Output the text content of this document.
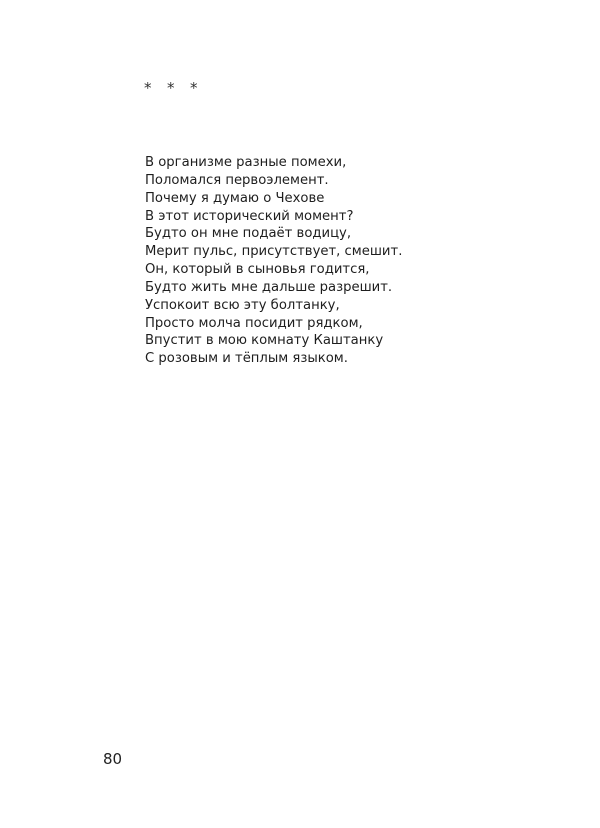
* * *
В организме разные помехи,
Поломался первоэлемент.
Почему я думаю о Чехове
В этот исторический момент?
Будто он мне подаёт водицу,
Мерит пульс, присутствует, смешит.
Он, который в сыновья годится,
Будто жить мне дальше разрешит.
Успокоит всю эту болтанку,
Просто молча посидит рядком,
Впустит в мою комнату Каштанку
С розовым и тёплым языком.
80
